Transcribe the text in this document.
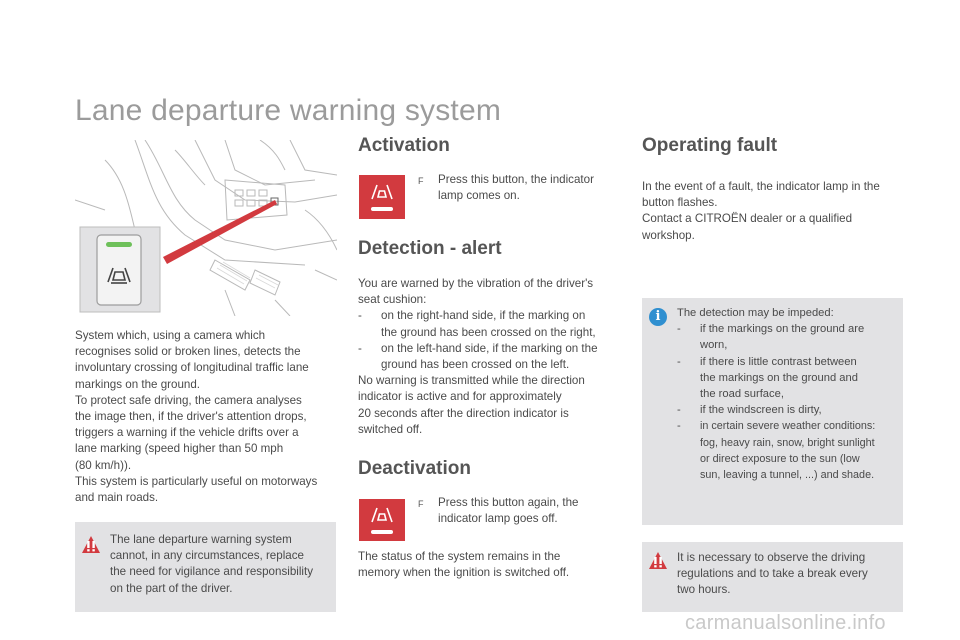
Lane departure warning system

System which, using a camera which

recognises solid or broken lines, detects the

involuntary crossing of longitudinal traffic lane

markings on the ground.

To protect safe driving, the camera analyses

the image then, if the driver's attention drops,

triggers a warning if the vehicle drifts over a

lane marking (speed higher than 50 mph

(80 km/h)).

This system is particularly useful on motorways

and main roads.

The lane departure warning system

cannot, in any circumstances, replace

the need for vigilance and responsibility

on the part of the driver.

Activation
F	Press this button, the indicator

lamp comes on.

Detection - alert

You are warned by the vibration of the driver's

seat cushion:

-	on the right-hand side, if the marking on

the ground has been crossed on the right,

-	on the left-hand side, if the marking on the

ground has been crossed on the left.

No warning is transmitted while the direction

indicator is active and for approximately

20 seconds after the direction indicator is

switched off.

Deactivation
F	Press this button again, the

indicator lamp goes off.

The status of the system remains in the

memory when the ignition is switched off.

Operating fault

In the event of a fault, the indicator lamp in the

button flashes.

Contact a CITROËN dealer or a qualified

workshop.

i	The detection may be impeded:

-	if the markings on the ground are

worn,

-	if there is little contrast between

the markings on the ground and

the road surface,

-	if the windscreen is dirty,

-	in certain severe weather conditions:

fog, heavy rain, snow, bright sunlight

or direct exposure to the sun (low

sun, leaving a tunnel, ...) and shade.

It is necessary to observe the driving

regulations and to take a break every

two hours.

carmanualsonline.info
